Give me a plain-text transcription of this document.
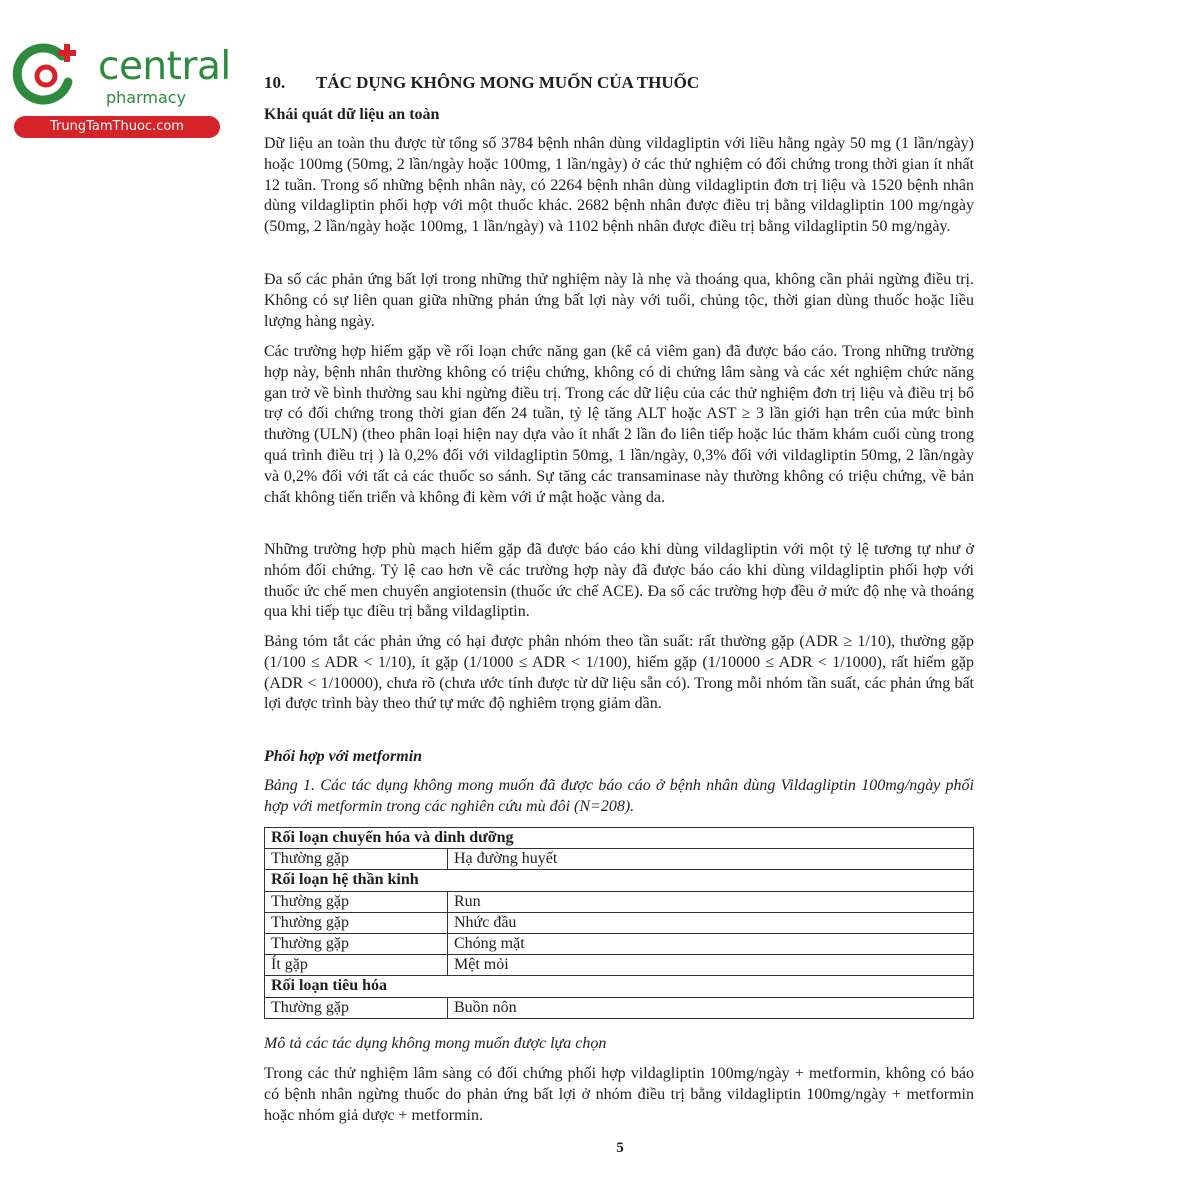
central
pharmacy
TrungTamThuoc.com
10. TÁC DỤNG KHÔNG MONG MUỐN CỦA THUỐC
Khái quát dữ liệu an toàn

Dữ liệu an toàn thu được từ tổng số 3784 bệnh nhân dùng vildagliptin với liều hằng ngày 50 mg (1 lần/ngày) hoặc 100mg (50mg, 2 lần/ngày hoặc 100mg, 1 lần/ngày) ở các thử nghiệm có đối chứng trong thời gian ít nhất 12 tuần. Trong số những bệnh nhân này, có 2264 bệnh nhân dùng vildagliptin đơn trị liệu và 1520 bệnh nhân dùng vildagliptin phối hợp với một thuốc khác. 2682 bệnh nhân được điều trị bằng vildagliptin 100 mg/ngày (50mg, 2 lần/ngày hoặc 100mg, 1 lần/ngày) và 1102 bệnh nhân được điều trị bằng vildagliptin 50 mg/ngày.

Đa số các phản ứng bất lợi trong những thử nghiệm này là nhẹ và thoáng qua, không cần phải ngừng điều trị. Không có sự liên quan giữa những phản ứng bất lợi này với tuổi, chủng tộc, thời gian dùng thuốc hoặc liều lượng hàng ngày.

Các trường hợp hiếm gặp về rối loạn chức năng gan (kể cả viêm gan) đã được báo cáo. Trong những trường hợp này, bệnh nhân thường không có triệu chứng, không có di chứng lâm sàng và các xét nghiệm chức năng gan trở về bình thường sau khi ngừng điều trị. Trong các dữ liệu của các thử nghiệm đơn trị liệu và điều trị bổ trợ có đối chứng trong thời gian đến 24 tuần, tỷ lệ tăng ALT hoặc AST ≥ 3 lần giới hạn trên của mức bình thường (ULN) (theo phân loại hiện nay dựa vào ít nhất 2 lần đo liên tiếp hoặc lúc thăm khám cuối cùng trong quá trình điều trị ) là 0,2% đối với vildagliptin 50mg, 1 lần/ngày, 0,3% đối với vildagliptin 50mg, 2 lần/ngày và 0,2% đối với tất cả các thuốc so sánh. Sự tăng các transaminase này thường không có triệu chứng, về bản chất không tiến triển và không đi kèm với ứ mật hoặc vàng da.

Những trường hợp phù mạch hiếm gặp đã được báo cáo khi dùng vildagliptin với một tỷ lệ tương tự như ở nhóm đối chứng. Tỷ lệ cao hơn về các trường hợp này đã được báo cáo khi dùng vildagliptin phối hợp với thuốc ức chế men chuyển angiotensin (thuốc ức chế ACE). Đa số các trường hợp đều ở mức độ nhẹ và thoáng qua khi tiếp tục điều trị bằng vildagliptin.

Bảng tóm tắt các phản ứng có hại được phân nhóm theo tần suất: rất thường gặp (ADR ≥ 1/10), thường gặp (1/100 ≤ ADR < 1/10), ít gặp (1/1000 ≤ ADR < 1/100), hiếm gặp (1/10000 ≤ ADR < 1/1000), rất hiếm gặp (ADR < 1/10000), chưa rõ (chưa ước tính được từ dữ liệu sẵn có). Trong mỗi nhóm tần suất, các phản ứng bất lợi được trình bày theo thứ tự mức độ nghiêm trọng giảm dần.

Phối hợp với metformin

Bảng 1. Các tác dụng không mong muốn đã được báo cáo ở bệnh nhân dùng Vildagliptin 100mg/ngày phối hợp với metformin trong các nghiên cứu mù đôi (N=208).

Rối loạn chuyển hóa và dinh dưỡng	
Thường gặp	Hạ đường huyết
Rối loạn hệ thần kinh	
Thường gặp	Run
Thường gặp	Nhức đầu
Thường gặp	Chóng mặt
Ít gặp	Mệt mỏi
Rối loạn tiêu hóa	
Thường gặp	Buồn nôn
Mô tả các tác dụng không mong muốn được lựa chọn

Trong các thử nghiệm lâm sàng có đối chứng phối hợp vildagliptin 100mg/ngày + metformin, không có báo có bệnh nhân ngừng thuốc do phản ứng bất lợi ở nhóm điều trị bằng vildagliptin 100mg/ngày + metformin hoặc nhóm giả dược + metformin.

5
